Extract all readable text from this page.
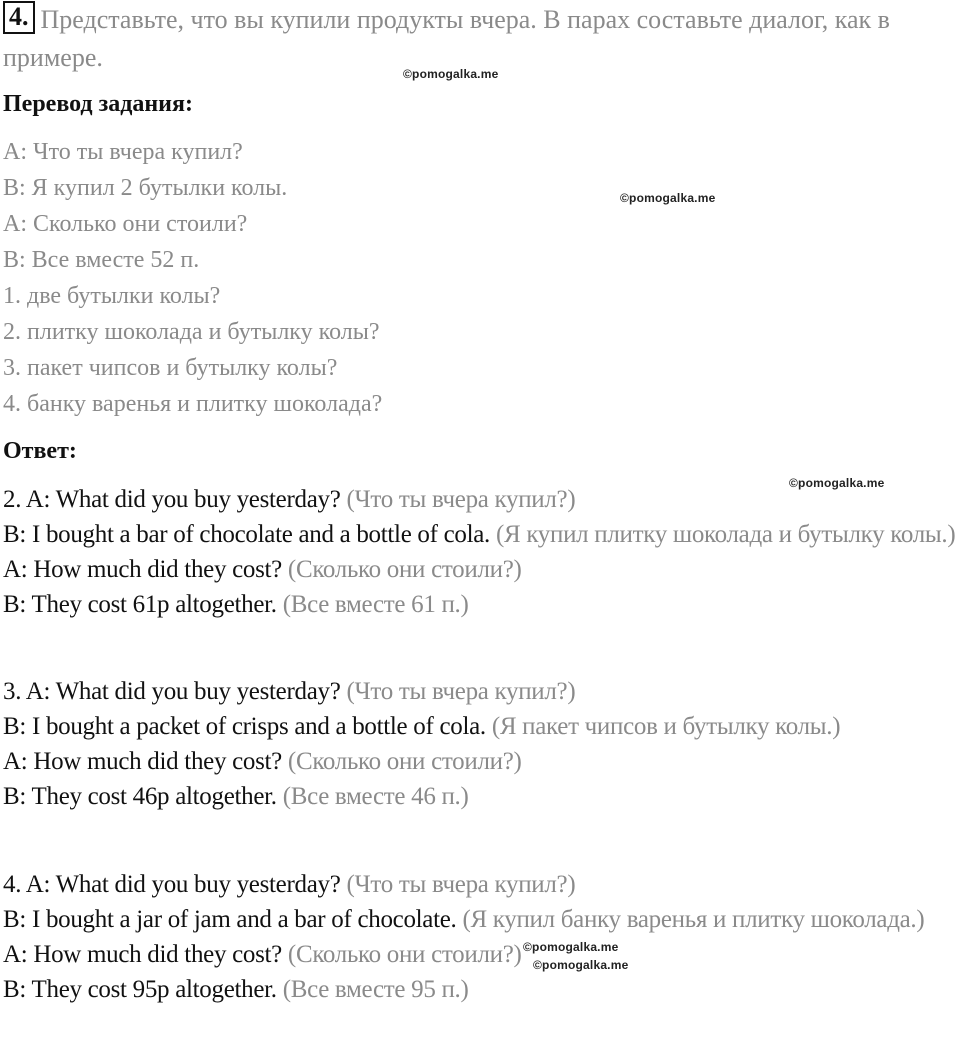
4. Представьте, что вы купили продукты вчера. В парах составьте диалог, как в примере.
©pomogalka.me
Перевод задания:
A: Что ты вчера купил?
B: Я купил 2 бутылки колы.	©pomogalka.me
A: Сколько они стоили?
B: Все вместе 52 п.
1. две бутылки колы?
2. плитку шоколада и бутылку колы?
3. пакет чипсов и бутылку колы?
4. банку варенья и плитку шоколада?
Ответ:
©pomogalka.me
2. A: What did you buy yesterday? (Что ты вчера купил?)
B: I bought a bar of chocolate and a bottle of cola. (Я купил плитку шоколада и бутылку колы.)
A: How much did they cost? (Сколько они стоили?)
B: They cost 61p altogether. (Все вместе 61 п.)
3. A: What did you buy yesterday? (Что ты вчера купил?)
B: I bought a packet of crisps and a bottle of cola. (Я пакет чипсов и бутылку колы.)
A: How much did they cost? (Сколько они стоили?)
B: They cost 46p altogether. (Все вместе 46 п.)
4. A: What did you buy yesterday? (Что ты вчера купил?)
B: I bought a jar of jam and a bar of chocolate. (Я купил банку варенья и плитку шоколада.)
A: How much did they cost? (Сколько они стоили?)
B: They cost 95p altogether. (Все вместе 95 п.)
©pomogalka.me
©pomogalka.me
